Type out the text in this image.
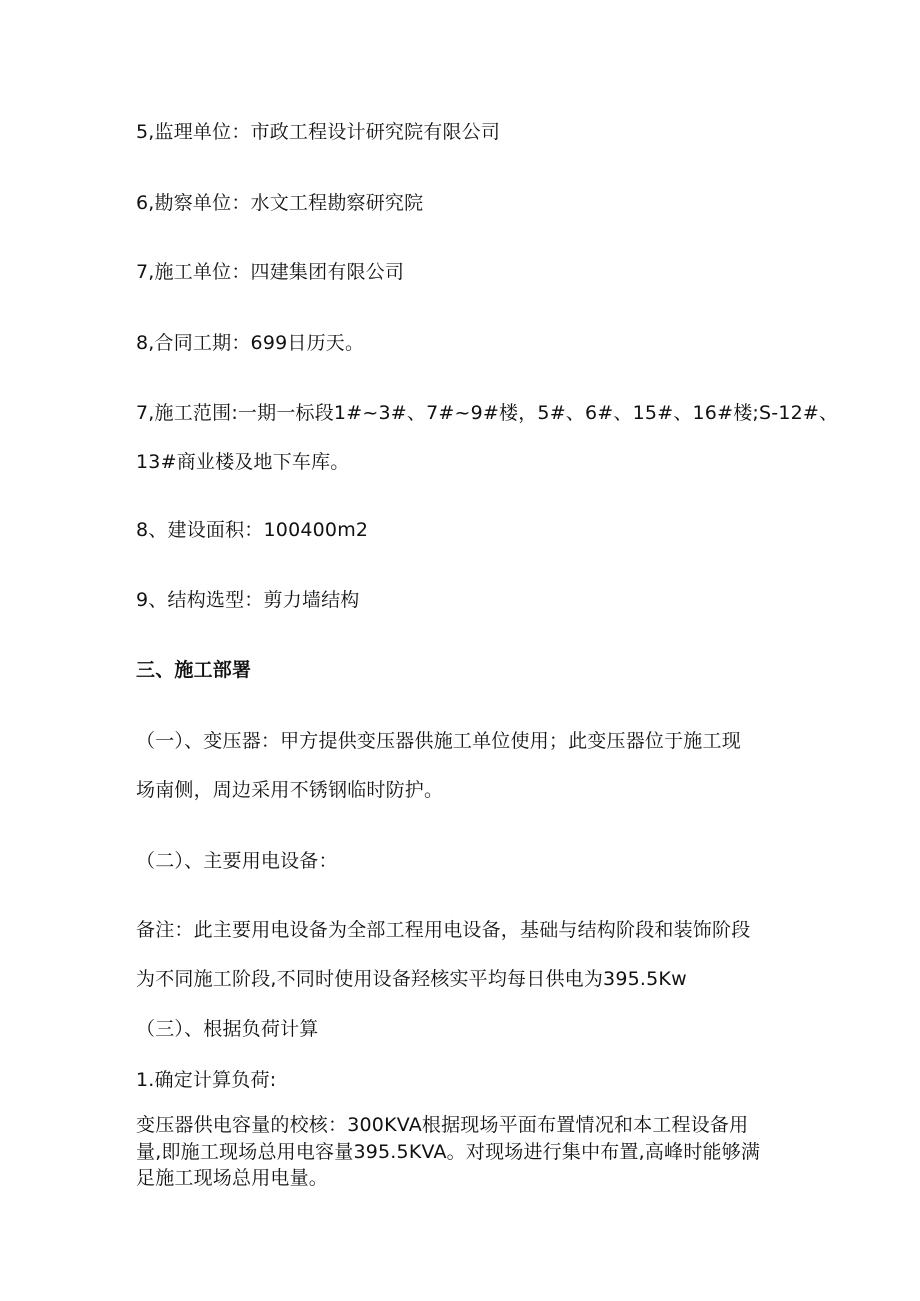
5,监理单位：市政工程设计研究院有限公司
6,勘察单位：水文工程勘察研究院
7,施工单位：四建集团有限公司
8,合同工期：699日历天。
7,施工范围:一期一标段1#~3#、7#~9#楼，5#、6#、15#、16#楼;S-12#、
13#商业楼及地下车库。
8、建设面积：100400m2
9、结构选型：剪力墙结构
三、施工部署
（一）、变压器：甲方提供变压器供施工单位使用；此变压器位于施工现
场南侧，周边采用不锈钢临时防护。
（二）、主要用电设备：
备注：此主要用电设备为全部工程用电设备，基础与结构阶段和装饰阶段
为不同施工阶段,不同时使用设备羟核实平均每日供电为395.5Kw
（三）、根据负荷计算
1.确定计算负荷:
变压器供电容量的校核：300KVA根据现场平面布置情况和本工程设备用
量,即施工现场总用电容量395.5KVA。对现场进行集中布置,高峰时能够满
足施工现场总用电量。
